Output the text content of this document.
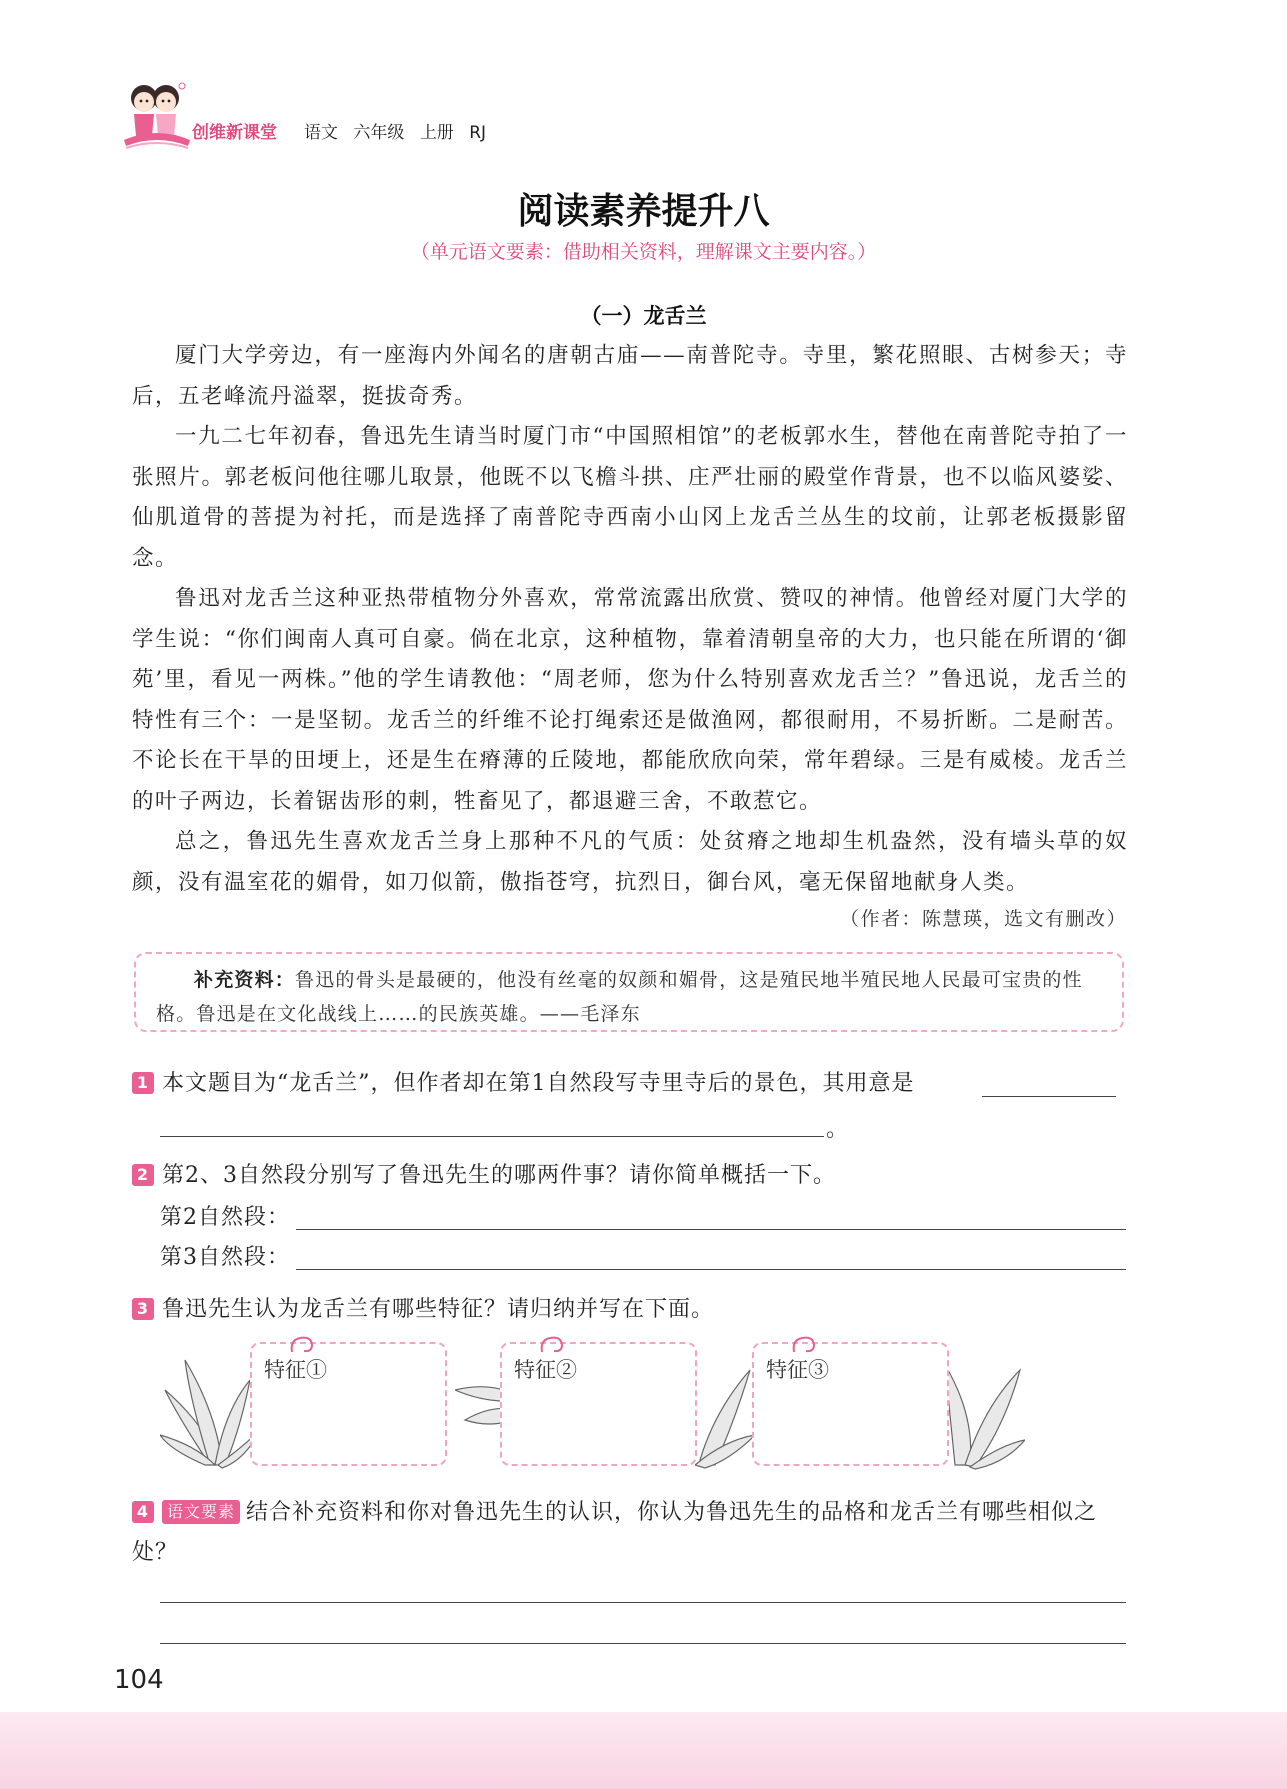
创维新课堂 语文 六年级 上册 RJ
阅读素养提升八
（单元语文要素：借助相关资料，理解课文主要内容。）
（一）龙舌兰

厦门大学旁边，有一座海内外闻名的唐朝古庙——南普陀寺。寺里，繁花照眼、古树参天；寺后，五老峰流丹溢翠，挺拔奇秀。

一九二七年初春，鲁迅先生请当时厦门市“中国照相馆”的老板郭水生，替他在南普陀寺拍了一张照片。郭老板问他往哪儿取景，他既不以飞檐斗拱、庄严壮丽的殿堂作背景，也不以临风婆娑、仙肌道骨的菩提为衬托，而是选择了南普陀寺西南小山冈上龙舌兰丛生的坟前，让郭老板摄影留念。

鲁迅对龙舌兰这种亚热带植物分外喜欢，常常流露出欣赏、赞叹的神情。他曾经对厦门大学的学生说：“你们闽南人真可自豪。倘在北京，这种植物，靠着清朝皇帝的大力，也只能在所谓的‘御苑’里，看见一两株。”他的学生请教他：“周老师，您为什么特别喜欢龙舌兰？”鲁迅说，龙舌兰的特性有三个：一是坚韧。龙舌兰的纤维不论打绳索还是做渔网，都很耐用，不易折断。二是耐苦。不论长在干旱的田埂上，还是生在瘠薄的丘陵地，都能欣欣向荣，常年碧绿。三是有威棱。龙舌兰的叶子两边，长着锯齿形的刺，牲畜见了，都退避三舍，不敢惹它。

总之，鲁迅先生喜欢龙舌兰身上那种不凡的气质：处贫瘠之地却生机盎然，没有墙头草的奴颜，没有温室花的媚骨，如刀似箭，傲指苍穹，抗烈日，御台风，毫无保留地献身人类。

（作者：陈慧瑛，选文有删改）
补充资料：鲁迅的骨头是最硬的，他没有丝毫的奴颜和媚骨，这是殖民地半殖民地人民最可宝贵的性格。鲁迅是在文化战线上……的民族英雄。——毛泽东
1 本文题目为“龙舌兰”，但作者却在第1自然段写寺里寺后的景色，其用意是
。
2 第2、3自然段分别写了鲁迅先生的哪两件事？请你简单概括一下。
第2自然段：
第3自然段：
3 鲁迅先生认为龙舌兰有哪些特征？请归纳并写在下面。
特征①	特征②	特征③
4 语文要素 结合补充资料和你对鲁迅先生的认识，你认为鲁迅先生的品格和龙舌兰有哪些相似之处？
104
